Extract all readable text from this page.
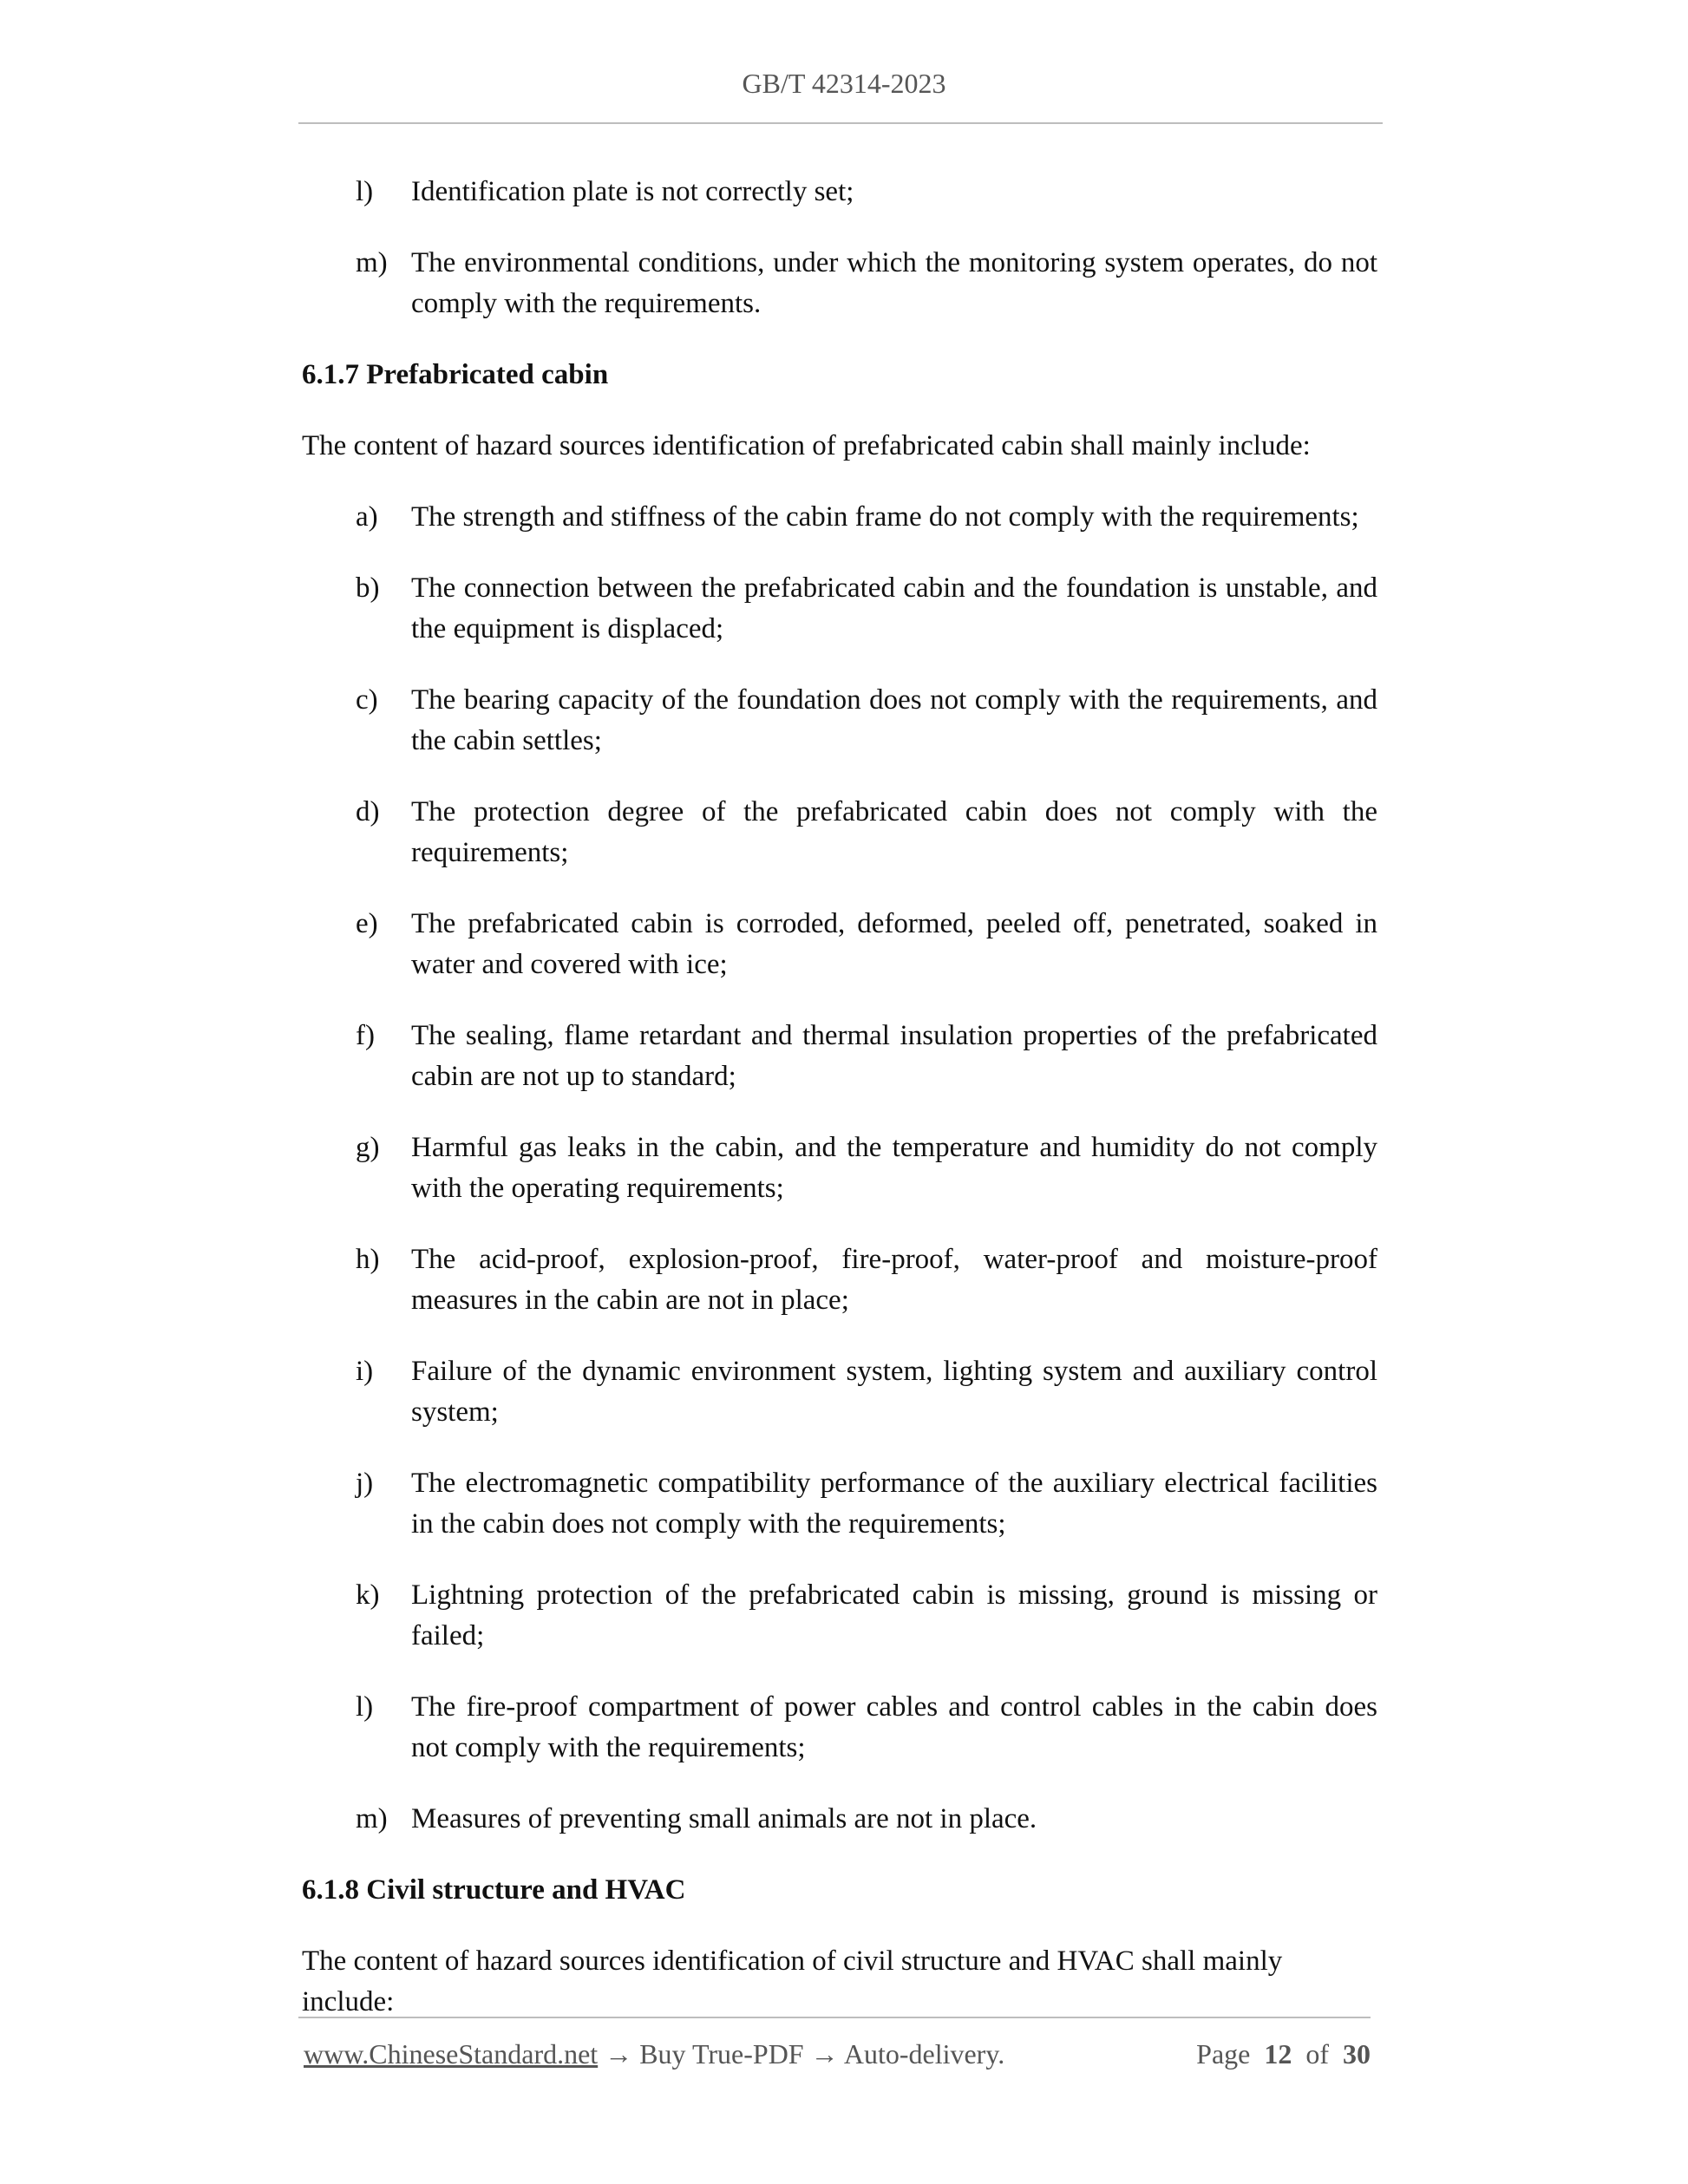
GB/T 42314-2023
l)	Identification plate is not correctly set;
m) The environmental conditions, under which the monitoring system operates, do not comply with the requirements.
6.1.7 Prefabricated cabin
The content of hazard sources identification of prefabricated cabin shall mainly include:
a)	The strength and stiffness of the cabin frame do not comply with the requirements;
b)	The connection between the prefabricated cabin and the foundation is unstable, and the equipment is displaced;
c)	The bearing capacity of the foundation does not comply with the requirements, and the cabin settles;
d)	The protection degree of the prefabricated cabin does not comply with the requirements;
e)	The prefabricated cabin is corroded, deformed, peeled off, penetrated, soaked in water and covered with ice;
f)	The sealing, flame retardant and thermal insulation properties of the prefabricated cabin are not up to standard;
g)	Harmful gas leaks in the cabin, and the temperature and humidity do not comply with the operating requirements;
h)	The acid-proof, explosion-proof, fire-proof, water-proof and moisture-proof measures in the cabin are not in place;
i)	Failure of the dynamic environment system, lighting system and auxiliary control system;
j)	The electromagnetic compatibility performance of the auxiliary electrical facilities in the cabin does not comply with the requirements;
k)	Lightning protection of the prefabricated cabin is missing, ground is missing or failed;
l)	The fire-proof compartment of power cables and control cables in the cabin does not comply with the requirements;
m) Measures of preventing small animals are not in place.
6.1.8 Civil structure and HVAC
The content of hazard sources identification of civil structure and HVAC shall mainly include:
www.ChineseStandard.net → Buy True-PDF → Auto-delivery.	Page 12 of 30
